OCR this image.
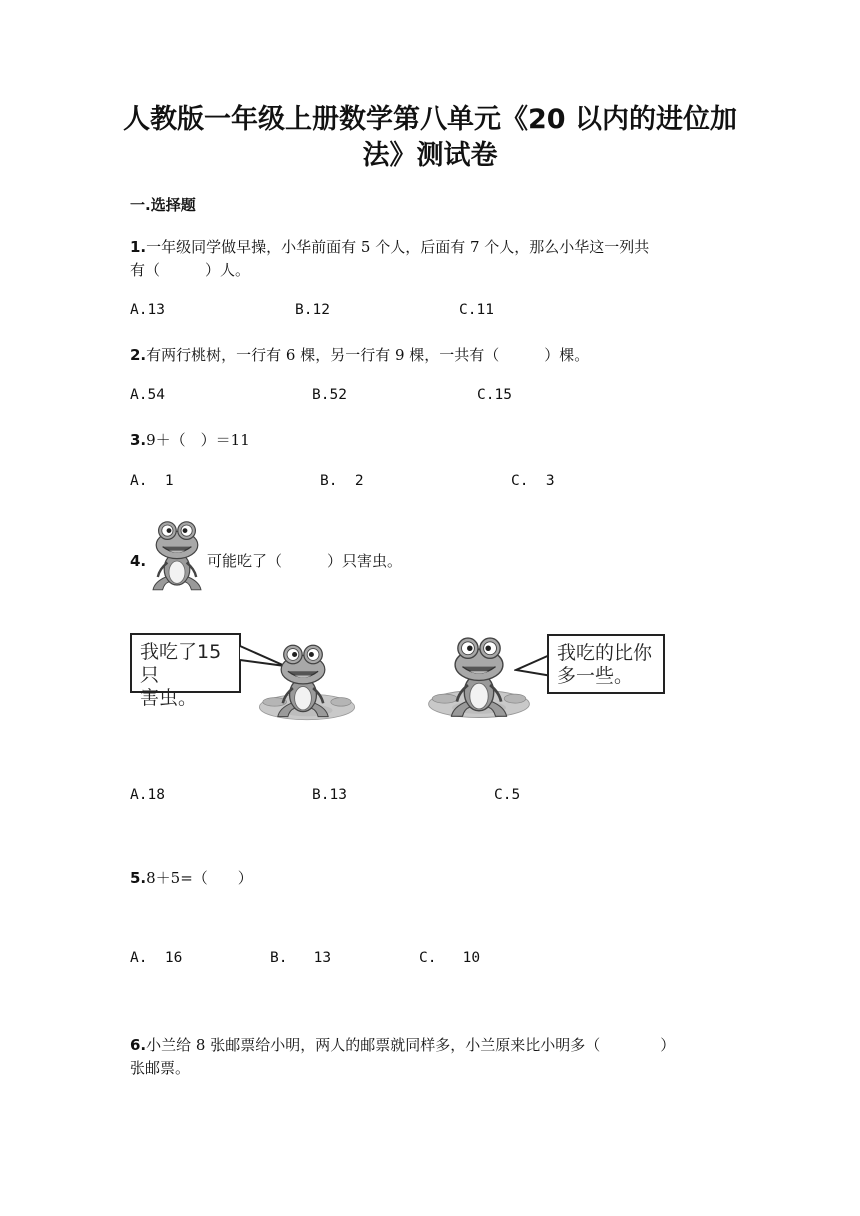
人教版一年级上册数学第八单元《20 以内的进位加
法》测试卷
一.选择题
1.一年级同学做早操，小华前面有 5 个人，后面有 7 个人，那么小华这一列共
有（　　　）人。
A.13	B.12	C.11
2.有两行桃树，一行有 6 棵，另一行有 9 棵，一共有（　　　）棵。
A.54	B.52	C.15
3.9＋（　）＝11
A.  1	B.  2	C.  3
4.	可能吃了（　　　）只害虫。
我吃了15只
害虫。
我吃的比你
多一些。
A.18	B.13	C.5
5.8＋5=（　　）
A.  16	B.   13	C.   10
6.小兰给 8 张邮票给小明，两人的邮票就同样多，小兰原来比小明多（　　　　）
张邮票。
